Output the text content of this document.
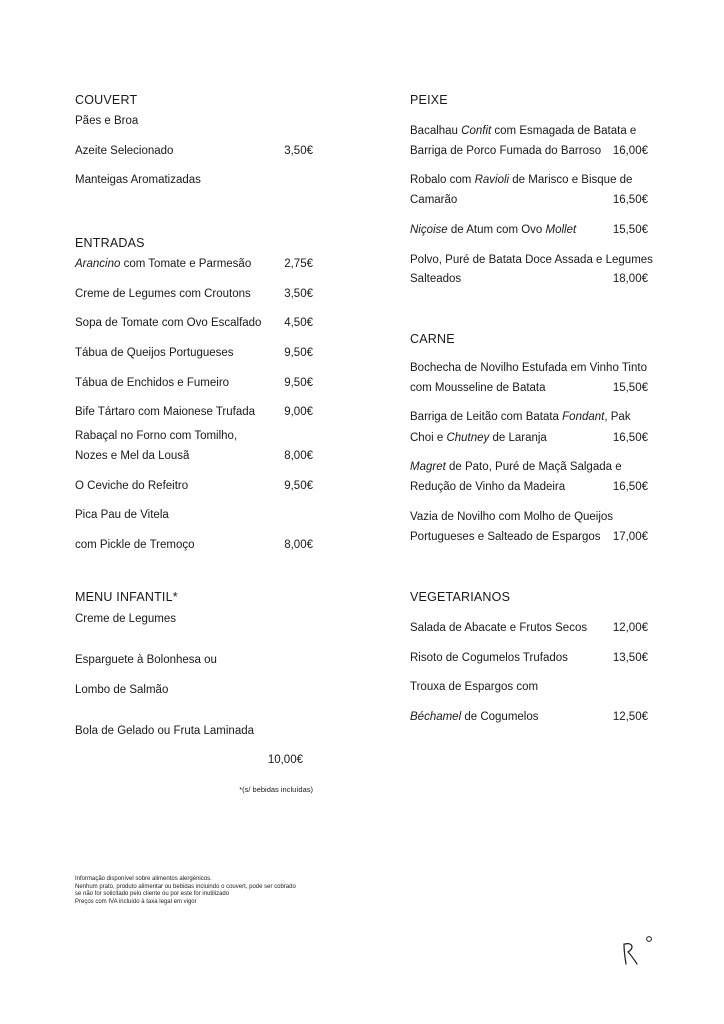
COUVERT
Pães e Broa
Azeite Selecionado	3,50€
Manteigas Aromatizadas
ENTRADAS
Arancino com Tomate e Parmesão	2,75€
Creme de Legumes com Croutons	3,50€
Sopa de Tomate com Ovo Escalfado 4,50€
Tábua de Queijos Portugueses	9,50€
Tábua de Enchidos e Fumeiro	9,50€
Bife Tártaro com Maionese Trufada	9,00€
Rabaçal no Forno com Tomilho,
Nozes e Mel da Lousã	8,00€
O Ceviche do Refeitro	9,50€
Pica Pau de Vitela
com Pickle de Tremoço	8,00€
MENU INFANTIL*
Creme de Legumes
Esparguete à Bolonhesa ou
Lombo de Salmão
Bola de Gelado ou Fruta Laminada
10,00€
*(s/ bebidas incluídas)
PEIXE
Bacalhau Confit com Esmagada de Batata e
Barriga de Porco Fumada do Barroso 16,00€
Robalo com Ravioli de Marisco e Bisque de
Camarão	16,50€
Niçoise de Atum com Ovo Mollet	15,50€
Polvo, Puré de Batata Doce Assada e Legumes
Salteados	18,00€
CARNE
Bochecha de Novilho Estufada em Vinho Tinto
com Mousseline de Batata	15,50€
Barriga de Leitão com Batata Fondant, Pak
Choi e Chutney de Laranja	16,50€
Magret de Pato, Puré de Maçã Salgada e
Redução de Vinho da Madeira	16,50€
Vazia de Novilho com Molho de Queijos
Portugueses e Salteado de Espargos 17,00€
VEGETARIANOS
Salada de Abacate e Frutos Secos 12,00€
Risoto de Cogumelos Trufados	13,50€
Trouxa de Espargos com
Béchamel de Cogumelos	12,50€
Informação disponível sobre alimentos alergénicos.
Nenhum prato, produto alimentar ou bebidas incluindo o couvert, pode ser cobrado
se não for solicitado pelo cliente ou por este for inutilizado
Preços com IVA incluído à taxa legal em vigor
